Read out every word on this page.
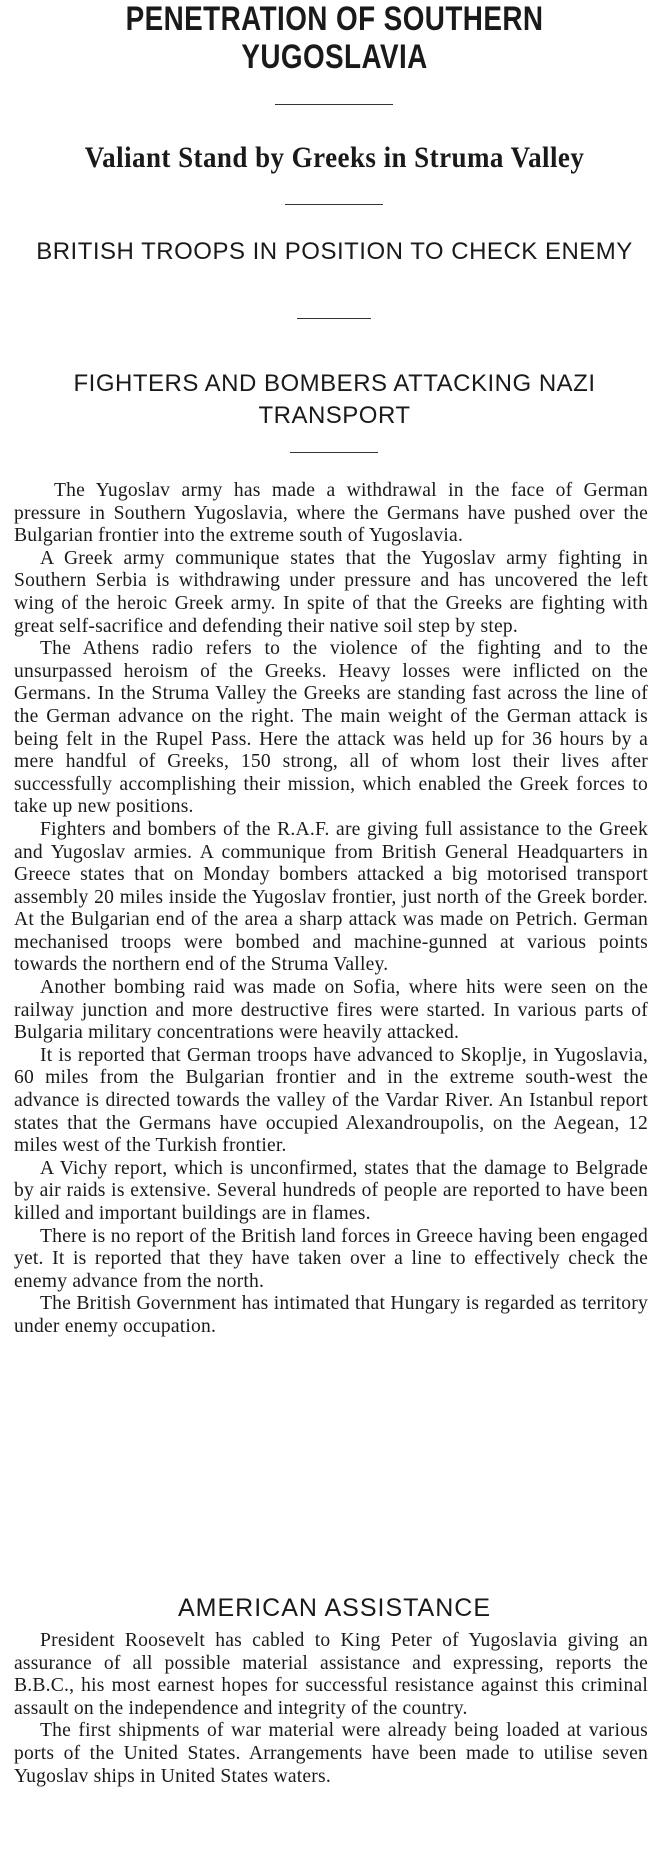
PENETRATION OF SOUTHERN
YUGOSLAVIA
Valiant Stand by Greeks in Struma Valley
BRITISH TROOPS IN POSITION TO CHECK ENEMY
FIGHTERS AND BOMBERS ATTACKING NAZI TRANSPORT

The Yugoslav army has made a withdrawal in the face of German pressure in Southern Yugoslavia, where the Germans have pushed over the Bulgarian frontier into the extreme south of Yugoslavia.

A Greek army communique states that the Yugoslav army fighting in Southern Serbia is withdrawing under pressure and has uncovered the left wing of the heroic Greek army. In spite of that the Greeks are fighting with great self-sacrifice and defending their native soil step by step.

The Athens radio refers to the violence of the fighting and to the unsurpassed heroism of the Greeks. Heavy losses were inflicted on the Germans. In the Struma Valley the Greeks are standing fast across the line of the German advance on the right. The main weight of the German attack is being felt in the Rupel Pass. Here the attack was held up for 36 hours by a mere handful of Greeks, 150 strong, all of whom lost their lives after successfully accomplishing their mission, which enabled the Greek forces to take up new positions.

Fighters and bombers of the R.A.F. are giving full assistance to the Greek and Yugoslav armies. A communique from British General Headquarters in Greece states that on Monday bombers attacked a big motorised transport assembly 20 miles inside the Yugoslav frontier, just north of the Greek border. At the Bulgarian end of the area a sharp attack was made on Petrich. German mechanised troops were bombed and machine-gunned at various points towards the northern end of the Struma Valley.

Another bombing raid was made on Sofia, where hits were seen on the railway junction and more destructive fires were started. In various parts of Bulgaria military concentrations were heavily attacked.

It is reported that German troops have advanced to Skoplje, in Yugoslavia, 60 miles from the Bulgarian frontier and in the extreme south-west the advance is directed towards the valley of the Vardar River. An Istanbul report states that the Germans have occupied Alexandroupolis, on the Aegean, 12 miles west of the Turkish frontier.

A Vichy report, which is unconfirmed, states that the damage to Belgrade by air raids is extensive. Several hundreds of people are reported to have been killed and important buildings are in flames.

There is no report of the British land forces in Greece having been engaged yet. It is reported that they have taken over a line to effectively check the enemy advance from the north.

The British Government has intimated that Hungary is regarded as territory under enemy occupation.

AMERICAN ASSISTANCE

President Roosevelt has cabled to King Peter of Yugoslavia giving an assurance of all possible material assistance and expressing, reports the B.B.C., his most earnest hopes for successful resistance against this criminal assault on the independence and integrity of the country.

The first shipments of war material were already being loaded at various ports of the United States. Arrangements have been made to utilise seven Yugoslav ships in United States waters.
